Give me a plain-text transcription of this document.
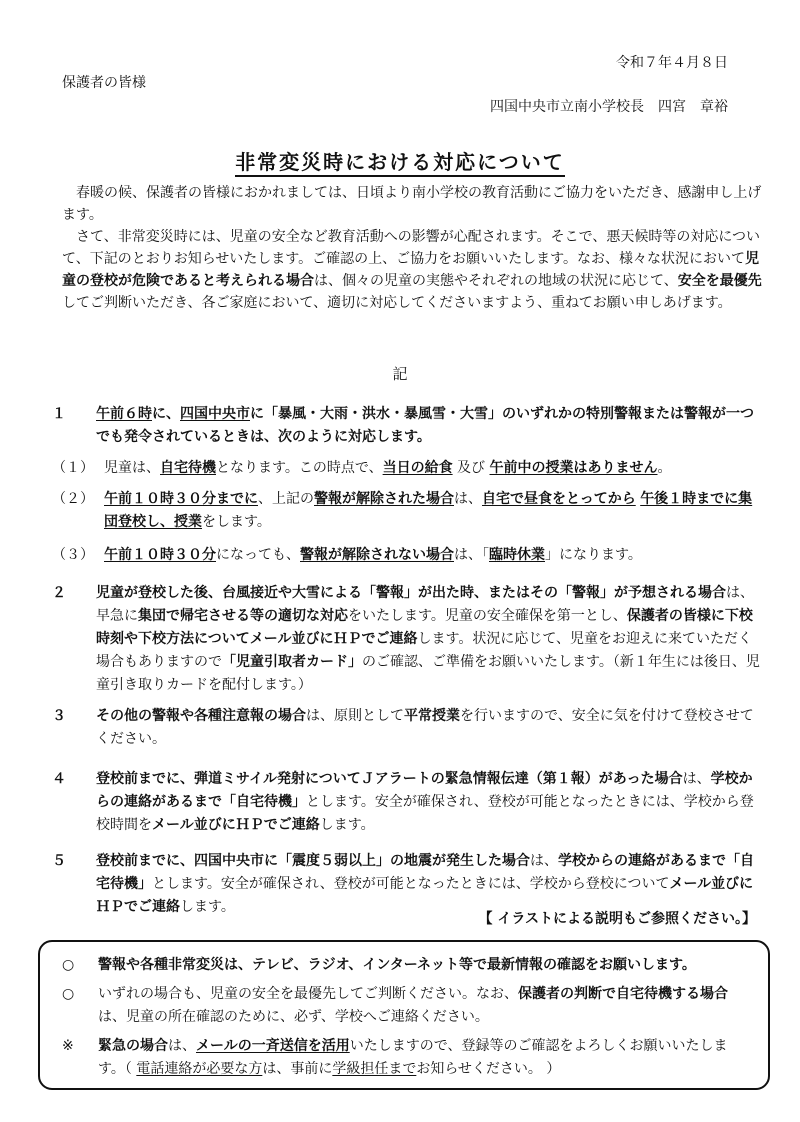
令和７年４月８日
保護者の皆様
四国中央市立南小学校長　四宮　章裕
非常変災時における対応について

春暖の候、保護者の皆様におかれましては、日頃より南小学校の教育活動にご協力をいただき、感謝申し上げます。

さて、非常変災時には、児童の安全など教育活動への影響が心配されます。そこで、悪天候時等の対応について、下記のとおりお知らせいたします。ご確認の上、ご協力をお願いいたします。なお、様々な状況において児童の登校が危険であると考えられる場合は、個々の児童の実態やそれぞれの地域の状況に応じて、安全を最優先してご判断いただき、各ご家庭において、適切に対応してくださいますよう、重ねてお願い申しあげます。

記
１	午前６時に、四国中央市に「暴風・大雨・洪水・暴風雪・大雪」のいずれかの特別警報または警報が一つでも発令されているときは、次のように対応します。
（１） 児童は、自宅待機となります。この時点で、当日の給食 及び 午前中の授業はありません。
（２） 午前１０時３０分までに、上記の警報が解除された場合は、自宅で昼食をとってから 午後１時までに集団登校し、授業をします。
（３） 午前１０時３０分になっても、警報が解除されない場合は、「臨時休業」になります。
２	児童が登校した後、台風接近や大雪による「警報」が出た時、またはその「警報」が予想される場合は、早急に集団で帰宅させる等の適切な対応をいたします。児童の安全確保を第一とし、保護者の皆様に下校時刻や下校方法についてメール並びにＨＰでご連絡します。状況に応じて、児童をお迎えに来ていただく場合もありますので「児童引取者カード」のご確認、ご準備をお願いいたします。（新１年生には後日、児童引き取りカードを配付します。）
３	その他の警報や各種注意報の場合は、原則として平常授業を行いますので、安全に気を付けて登校させてください。
４	登校前までに、弾道ミサイル発射についてＪアラートの緊急情報伝達（第１報）があった場合は、学校からの連絡があるまで「自宅待機」とします。安全が確保され、登校が可能となったときには、学校から登校時間をメール並びにＨＰでご連絡します。
５	登校前までに、四国中央市に「震度５弱以上」の地震が発生した場合は、学校からの連絡があるまで「自宅待機」とします。安全が確保され、登校が可能となったときには、学校から登校についてメール並びにＨＰでご連絡します。
【 イラストによる説明もご参照ください。】
○	警報や各種非常変災は、テレビ、ラジオ、インターネット等で最新情報の確認をお願いします。
○	いずれの場合も、児童の安全を最優先してご判断ください。なお、保護者の判断で自宅待機する場合は、児童の所在確認のために、必ず、学校へご連絡ください。
※	緊急の場合は、メールの一斉送信を活用いたしますので、登録等のご確認をよろしくお願いいたします。（ 電話連絡が必要な方は、事前に学級担任までお知らせください。 ）
